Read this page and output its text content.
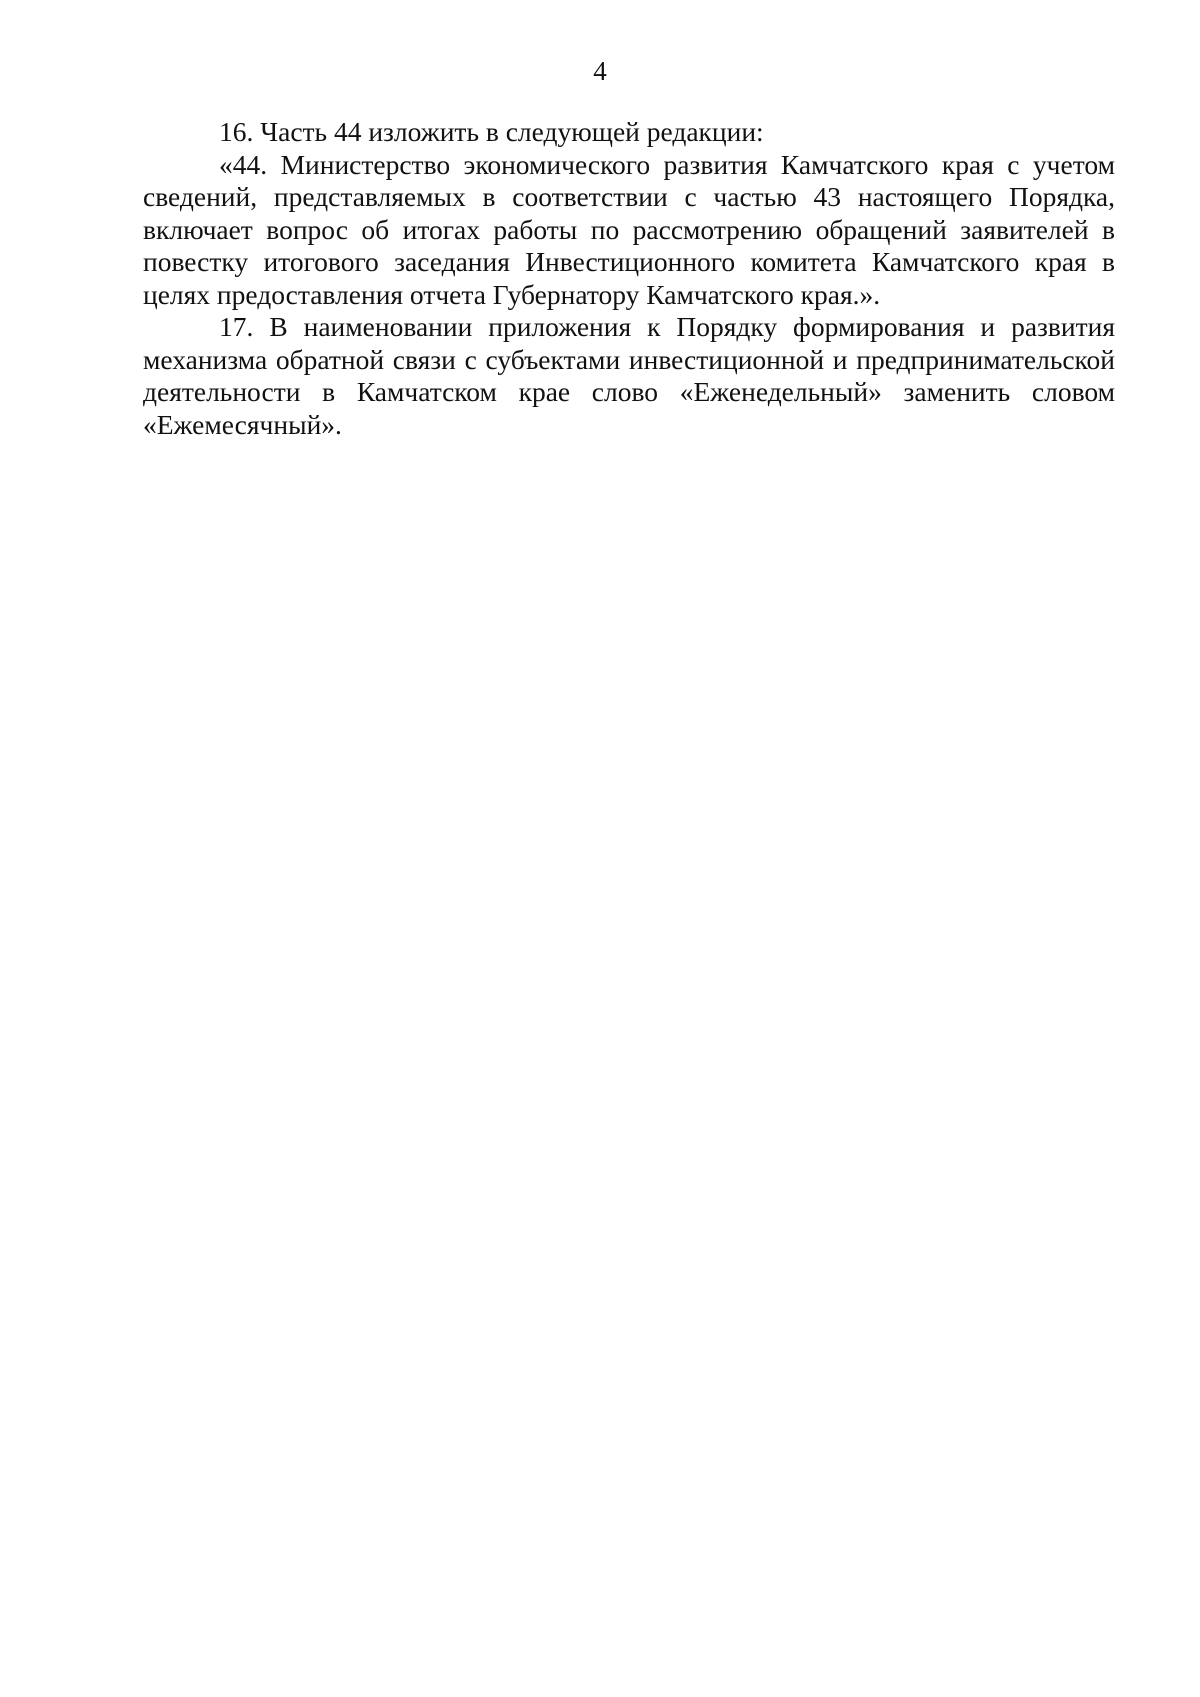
4

16. Часть 44 изложить в следующей редакции:

«44. Министерство экономического развития Камчатского края с учетом сведений, представляемых в соответствии с частью 43 настоящего Порядка, включает вопрос об итогах работы по рассмотрению обращений заявителей в повестку итогового заседания Инвестиционного комитета Камчатского края в целях предоставления отчета Губернатору Камчатского края.».

17. В наименовании приложения к Порядку формирования и развития механизма обратной связи с субъектами инвестиционной и предпринимательской деятельности в Камчатском крае слово «Еженедельный» заменить словом «Ежемесячный».
